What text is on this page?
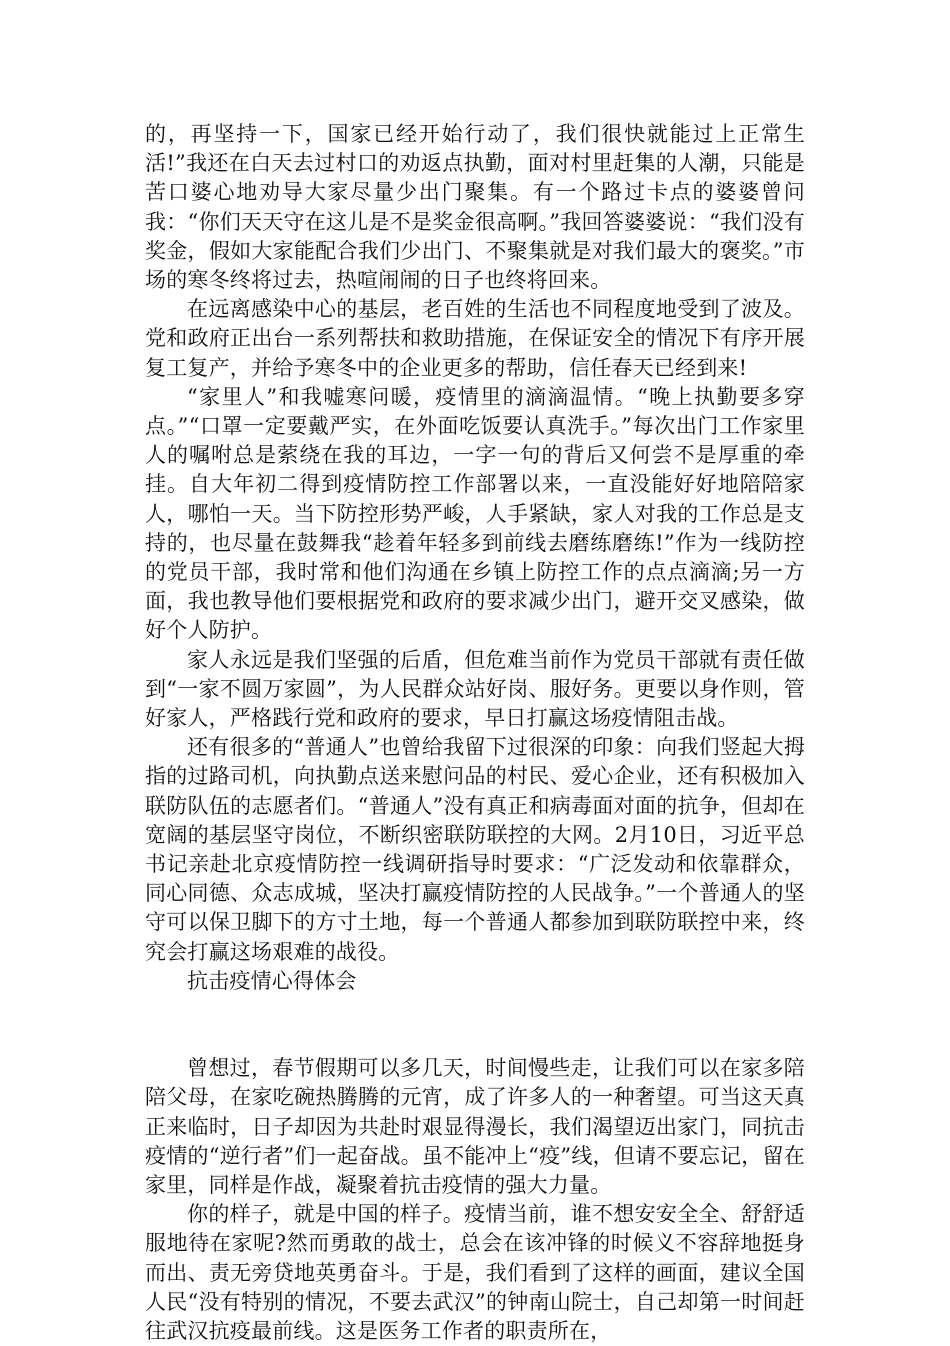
的，再坚持一下，国家已经开始行动了，我们很快就能过上正常生活!”我还在白天去过村口的劝返点执勤，面对村里赶集的人潮，只能是苦口婆心地劝导大家尽量少出门聚集。有一个路过卡点的婆婆曾问我：“你们天天守在这儿是不是奖金很高啊。”我回答婆婆说：“我们没有奖金，假如大家能配合我们少出门、不聚集就是对我们最大的褒奖。”市场的寒冬终将过去，热喧闹闹的日子也终将回来。

在远离感染中心的基层，老百姓的生活也不同程度地受到了波及。党和政府正出台一系列帮扶和救助措施，在保证安全的情况下有序开展复工复产，并给予寒冬中的企业更多的帮助，信任春天已经到来!

“家里人”和我嘘寒问暖，疫情里的滴滴温情。“晚上执勤要多穿点。”“口罩一定要戴严实，在外面吃饭要认真洗手。”每次出门工作家里人的嘱咐总是萦绕在我的耳边，一字一句的背后又何尝不是厚重的牵挂。自大年初二得到疫情防控工作部署以来，一直没能好好地陪陪家人，哪怕一天。当下防控形势严峻，人手紧缺，家人对我的工作总是支持的，也尽量在鼓舞我“趁着年轻多到前线去磨练磨练!”作为一线防控的党员干部，我时常和他们沟通在乡镇上防控工作的点点滴滴;另一方面，我也教导他们要根据党和政府的要求减少出门，避开交叉感染，做好个人防护。

家人永远是我们坚强的后盾，但危难当前作为党员干部就有责任做到“一家不圆万家圆”，为人民群众站好岗、服好务。更要以身作则，管好家人，严格践行党和政府的要求，早日打赢这场疫情阻击战。

还有很多的“普通人”也曾给我留下过很深的印象：向我们竖起大拇指的过路司机，向执勤点送来慰问品的村民、爱心企业，还有积极加入联防队伍的志愿者们。“普通人”没有真正和病毒面对面的抗争，但却在宽阔的基层坚守岗位，不断织密联防联控的大网。2月10日，习近平总书记亲赴北京疫情防控一线调研指导时要求：“广泛发动和依靠群众，同心同德、众志成城，坚决打赢疫情防控的人民战争。”一个普通人的坚守可以保卫脚下的方寸土地，每一个普通人都参加到联防联控中来，终究会打赢这场艰难的战役。

抗击疫情心得体会

曾想过，春节假期可以多几天，时间慢些走，让我们可以在家多陪陪父母，在家吃碗热腾腾的元宵，成了许多人的一种奢望。可当这天真正来临时，日子却因为共赴时艰显得漫长，我们渴望迈出家门，同抗击疫情的“逆行者”们一起奋战。虽不能冲上“疫”线，但请不要忘记，留在家里，同样是作战，凝聚着抗击疫情的强大力量。

你的样子，就是中国的样子。疫情当前，谁不想安安全全、舒舒适服地待在家呢?然而勇敢的战士，总会在该冲锋的时候义不容辞地挺身而出、责无旁贷地英勇奋斗。于是，我们看到了这样的画面，建议全国人民“没有特别的情况，不要去武汉”的钟南山院士，自己却第一时间赶往武汉抗疫最前线。这是医务工作者的职责所在，
